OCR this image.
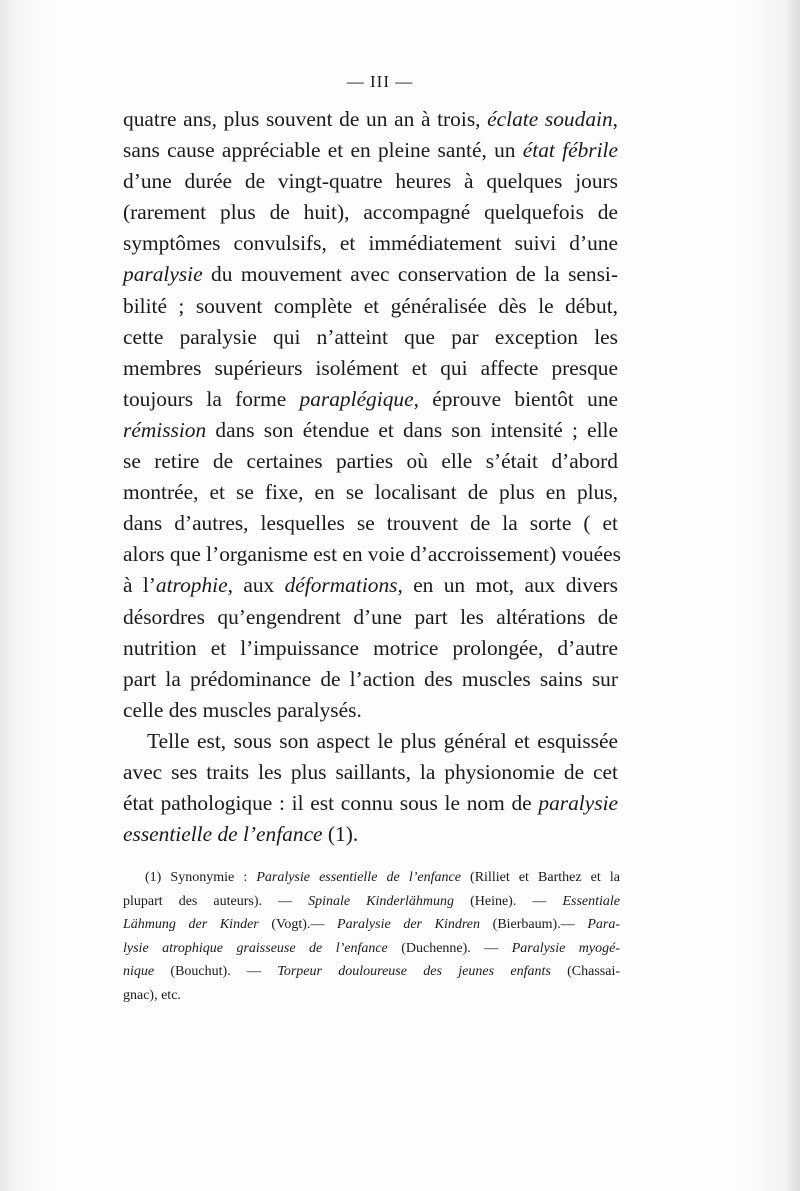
— III —
quatre ans, plus souvent de un an à trois, éclate soudain,
sans cause appréciable et en pleine santé, un état fébrile
d’une durée de vingt-quatre heures à quelques jours
(rarement plus de huit), accompagné quelquefois de
symptômes convulsifs, et immédiatement suivi d’une
paralysie du mouvement avec conservation de la sensi-
bilité ; souvent complète et généralisée dès le début,
cette paralysie qui n’atteint que par exception les
membres supérieurs isolément et qui affecte presque
toujours la forme paraplégique, éprouve bientôt une
rémission dans son étendue et dans son intensité ; elle
se retire de certaines parties où elle s’était d’abord
montrée, et se fixe, en se localisant de plus en plus,
dans d’autres, lesquelles se trouvent de la sorte ( et
alors que l’organisme est en voie d’accroissement) vouées
à l’atrophie, aux déformations, en un mot, aux divers
désordres qu’engendrent d’une part les altérations de
nutrition et l’impuissance motrice prolongée, d’autre
part la prédominance de l’action des muscles sains sur
celle des muscles paralysés.
Telle est, sous son aspect le plus général et esquissée
avec ses traits les plus saillants, la physionomie de cet
état pathologique : il est connu sous le nom de paralysie
essentielle de l’enfance (1).
(1) Synonymie : Paralysie essentielle de l’enfance (Rilliet et Barthez et la
plupart des auteurs). — Spinale Kinderlähmung (Heine). — Essentiale
Lähmung der Kinder (Vogt).— Paralysie der Kindren (Bierbaum).— Para-
lysie atrophique graisseuse de l’enfance (Duchenne). — Paralysie myogé-
nique (Bouchut). — Torpeur douloureuse des jeunes enfants (Chassai-
gnac), etc.
